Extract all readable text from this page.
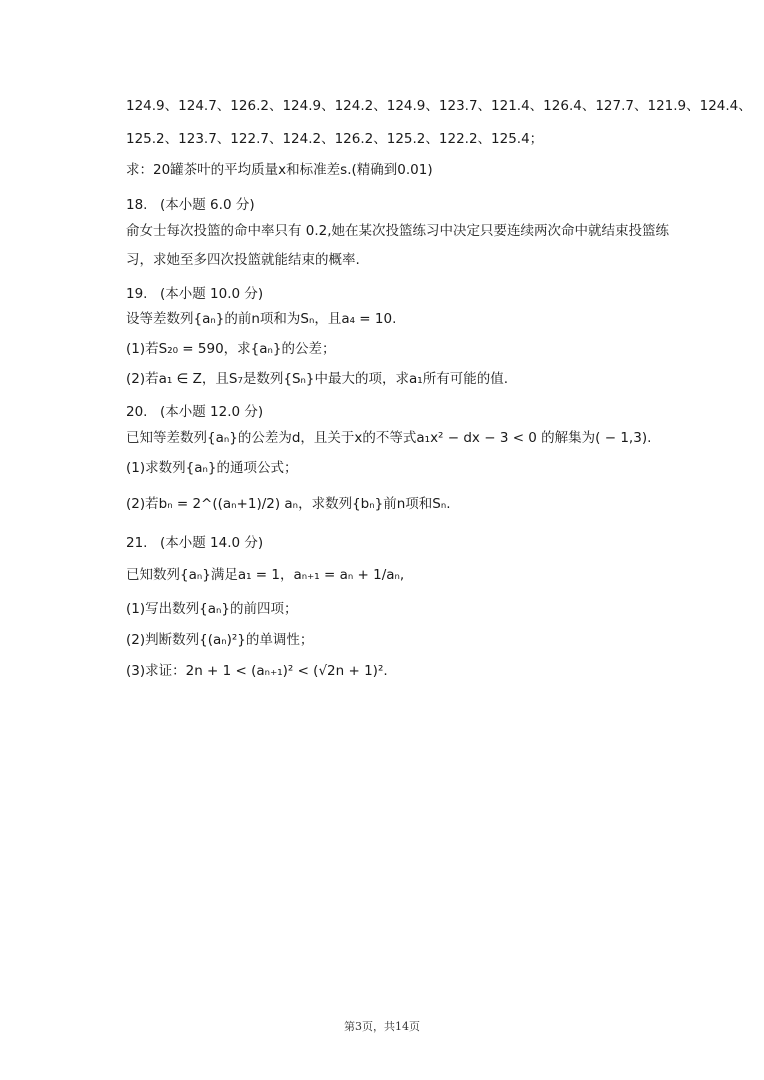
124.9、124.7、126.2、124.9、124.2、124.9、123.7、121.4、126.4、127.7、121.9、124.4、
125.2、123.7、122.7、124.2、126.2、125.2、122.2、125.4；
求：20罐茶叶的平均质量x和标准差s.(精确到0.01)
18. (本小题 6.0 分)
俞女士每次投篮的命中率只有 0.2,她在某次投篮练习中决定只要连续两次命中就结束投篮练
习，求她至多四次投篮就能结束的概率.
19. (本小题 10.0 分)
设等差数列{aₙ}的前n项和为Sₙ，且a₄ = 10.
(1)若S₂₀ = 590，求{aₙ}的公差；
(2)若a₁ ∈ Z，且S₇是数列{Sₙ}中最大的项，求a₁所有可能的值.
20. (本小题 12.0 分)
已知等差数列{aₙ}的公差为d，且关于x的不等式a₁x² − dx − 3 < 0 的解集为( − 1,3).
(1)求数列{aₙ}的通项公式；
(2)若bₙ = 2^((aₙ+1)/2) aₙ，求数列{bₙ}前n项和Sₙ.
21. (本小题 14.0 分)
已知数列{aₙ}满足a₁ = 1，aₙ₊₁ = aₙ + 1/aₙ,
(1)写出数列{aₙ}的前四项；
(2)判断数列{(aₙ)²}的单调性；
(3)求证：2n + 1 < (aₙ₊₁)² < (√2n + 1)².
第3页，共14页
